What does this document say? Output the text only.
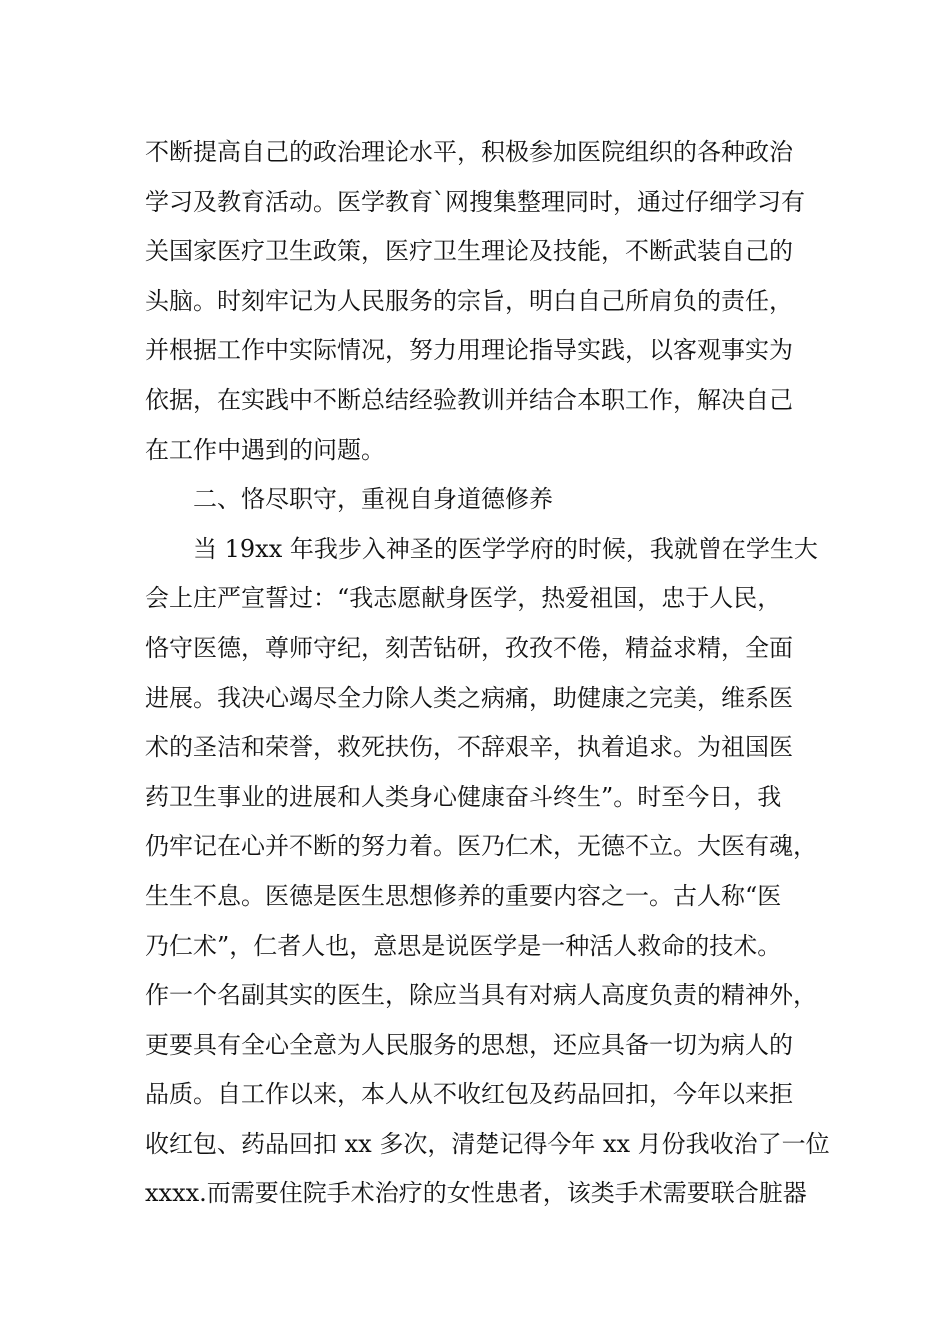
不断提高自己的政治理论水平，积极参加医院组织的各种政治
学习及教育活动。医学教育`网搜集整理同时，通过仔细学习有
关国家医疗卫生政策，医疗卫生理论及技能，不断武装自己的
头脑。时刻牢记为人民服务的宗旨，明白自己所肩负的责任，
并根据工作中实际情况，努力用理论指导实践，以客观事实为
依据，在实践中不断总结经验教训并结合本职工作，解决自己
在工作中遇到的问题。
二、恪尽职守，重视自身道德修养
当 19xx 年我步入神圣的医学学府的时候，我就曾在学生大
会上庄严宣誓过：“我志愿献身医学，热爱祖国，忠于人民，
恪守医德，尊师守纪，刻苦钻研，孜孜不倦，精益求精，全面
进展。我决心竭尽全力除人类之病痛，助健康之完美，维系医
术的圣洁和荣誉，救死扶伤，不辞艰辛，执着追求。为祖国医
药卫生事业的进展和人类身心健康奋斗终生”。时至今日，我
仍牢记在心并不断的努力着。医乃仁术，无德不立。大医有魂，
生生不息。医德是医生思想修养的重要内容之一。古人称“医
乃仁术”，仁者人也，意思是说医学是一种活人救命的技术。
作一个名副其实的医生，除应当具有对病人高度负责的精神外，
更要具有全心全意为人民服务的思想，还应具备一切为病人的
品质。自工作以来，本人从不收红包及药品回扣，今年以来拒
收红包、药品回扣 xx 多次，清楚记得今年 xx 月份我收治了一位
xxxx.而需要住院手术治疗的女性患者，该类手术需要联合脏器
